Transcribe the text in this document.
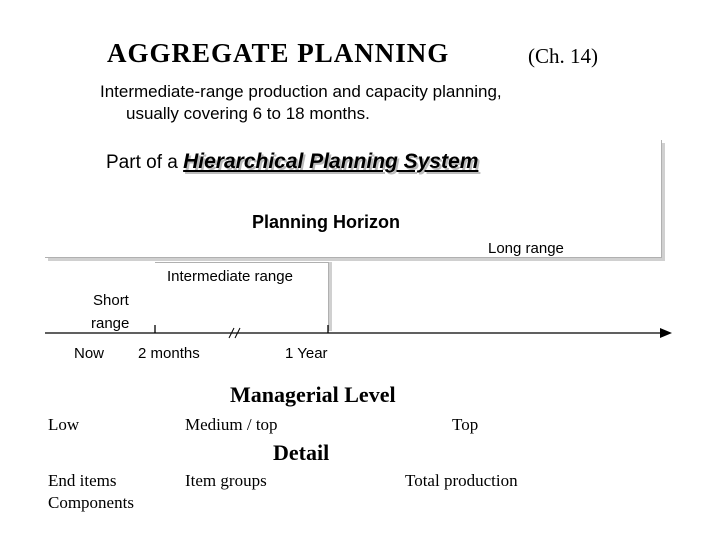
AGGREGATE PLANNING	(Ch. 14)
Intermediate-range production and capacity planning,
usually covering 6 to 18 months.
Part of a Hierarchical Planning System
Planning Horizon
Long range
Intermediate range
Short
range
Now 2 months	1 Year
Managerial Level
Low	Medium / top	Top
Detail
End items	Item groups	Total production
Components
